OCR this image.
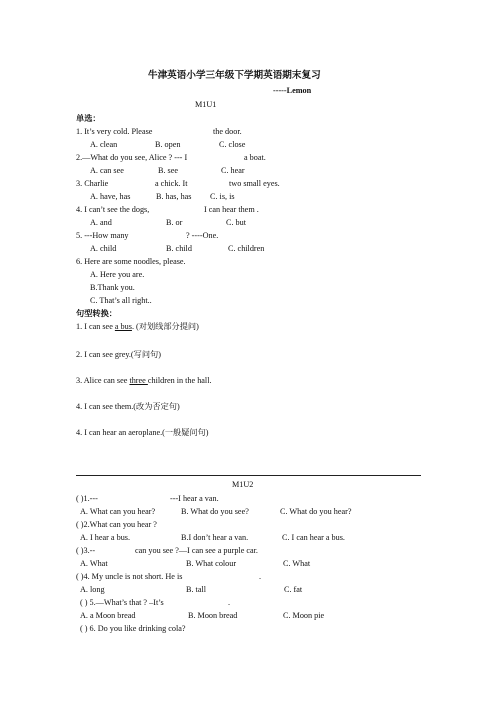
牛津英语小学三年级下学期英语期末复习
-----Lemon
M1U1
单选：
1. It’s very cold. Please	the door.
A. clean	B. open	C. close
2.—What do you see, Alice ? --- I	a boat.
A. can see	B. see	C. hear
3. Charlie	a chick. It	two small eyes.
A. have, has	B. has, has C. is, is
4. I can’t see the dogs,	I can hear them .
A. and	B. or	C. but
5. ---How many	? ----One.
A. child	B. child	C. children
6. Here are some noodles, please.
A. Here you are.
B.Thank you.
C. That’s all right..
句型转换：
1. I can see a bus. (对划线部分提问)
2. I can see grey.(写问句)
3. Alice can see three children in the hall.
4. I can see them.(改为否定句)
4. I can hear an aeroplane.(一般疑问句)
M1U2
( )1.---	---I hear a van.
A. What can you hear?	B. What do you see?	C. What do you hear?
( )2.What can you hear ?
A. I hear a bus.	B.I don’t hear a van.	C. I can hear a bus.
( )3.--	can you see ?—I can see a purple car.
A. What	B. What colour	C. What
( )4. My uncle is not short. He is	.
A. long	B. tall	C. fat
( ) 5.—What’s that ? –It’s	.
A. a Moon bread	B. Moon bread	C. Moon pie
( ) 6. Do you like drinking cola?
